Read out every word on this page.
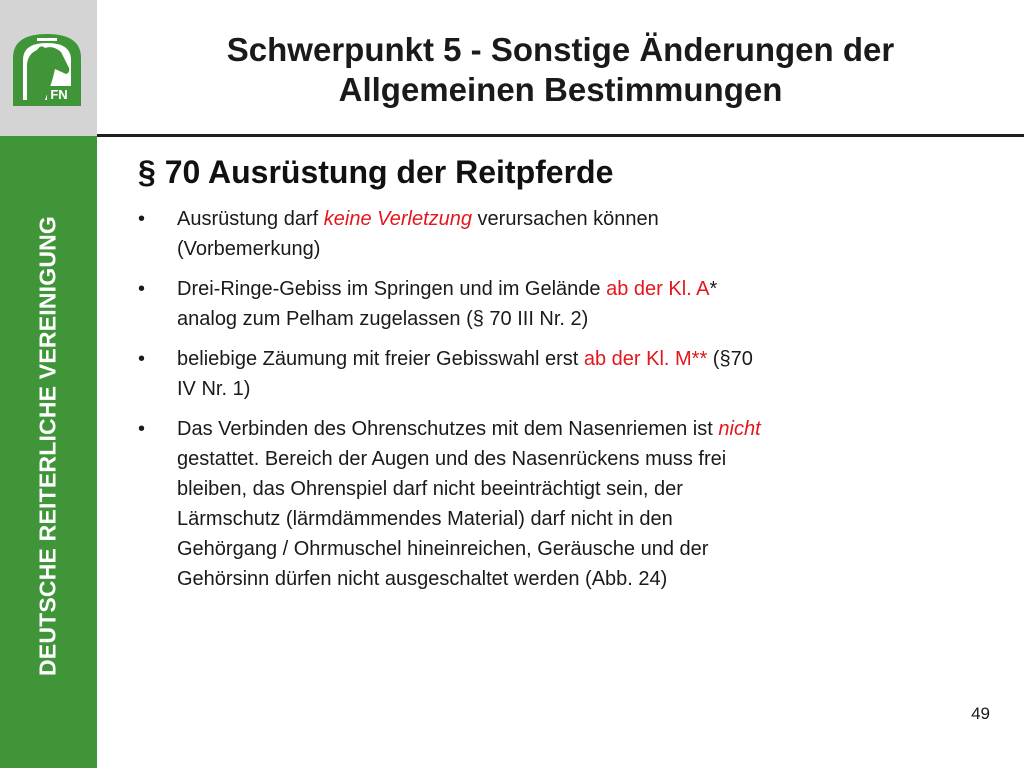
FN
DEUTSCHE REITERLICHE VEREINIGUNG
Schwerpunkt 5 - Sonstige Änderungen der
Allgemeinen Bestimmungen
§ 70 Ausrüstung der Reitpferde
• Ausrüstung darf keine Verletzung verursachen können
(Vorbemerkung)
• Drei-Ringe-Gebiss im Springen und im Gelände ab der Kl. A*
analog zum Pelham zugelassen (§ 70 III Nr. 2)
• beliebige Zäumung mit freier Gebisswahl erst ab der Kl. M** (§70
IV Nr. 1)
• Das Verbinden des Ohrenschutzes mit dem Nasenriemen ist nicht
gestattet. Bereich der Augen und des Nasenrückens muss frei
bleiben, das Ohrenspiel darf nicht beeinträchtigt sein, der
Lärmschutz (lärmdämmendes Material) darf nicht in den
Gehörgang / Ohrmuschel hineinreichen, Geräusche und der
Gehörsinn dürfen nicht ausgeschaltet werden (Abb. 24)
49
